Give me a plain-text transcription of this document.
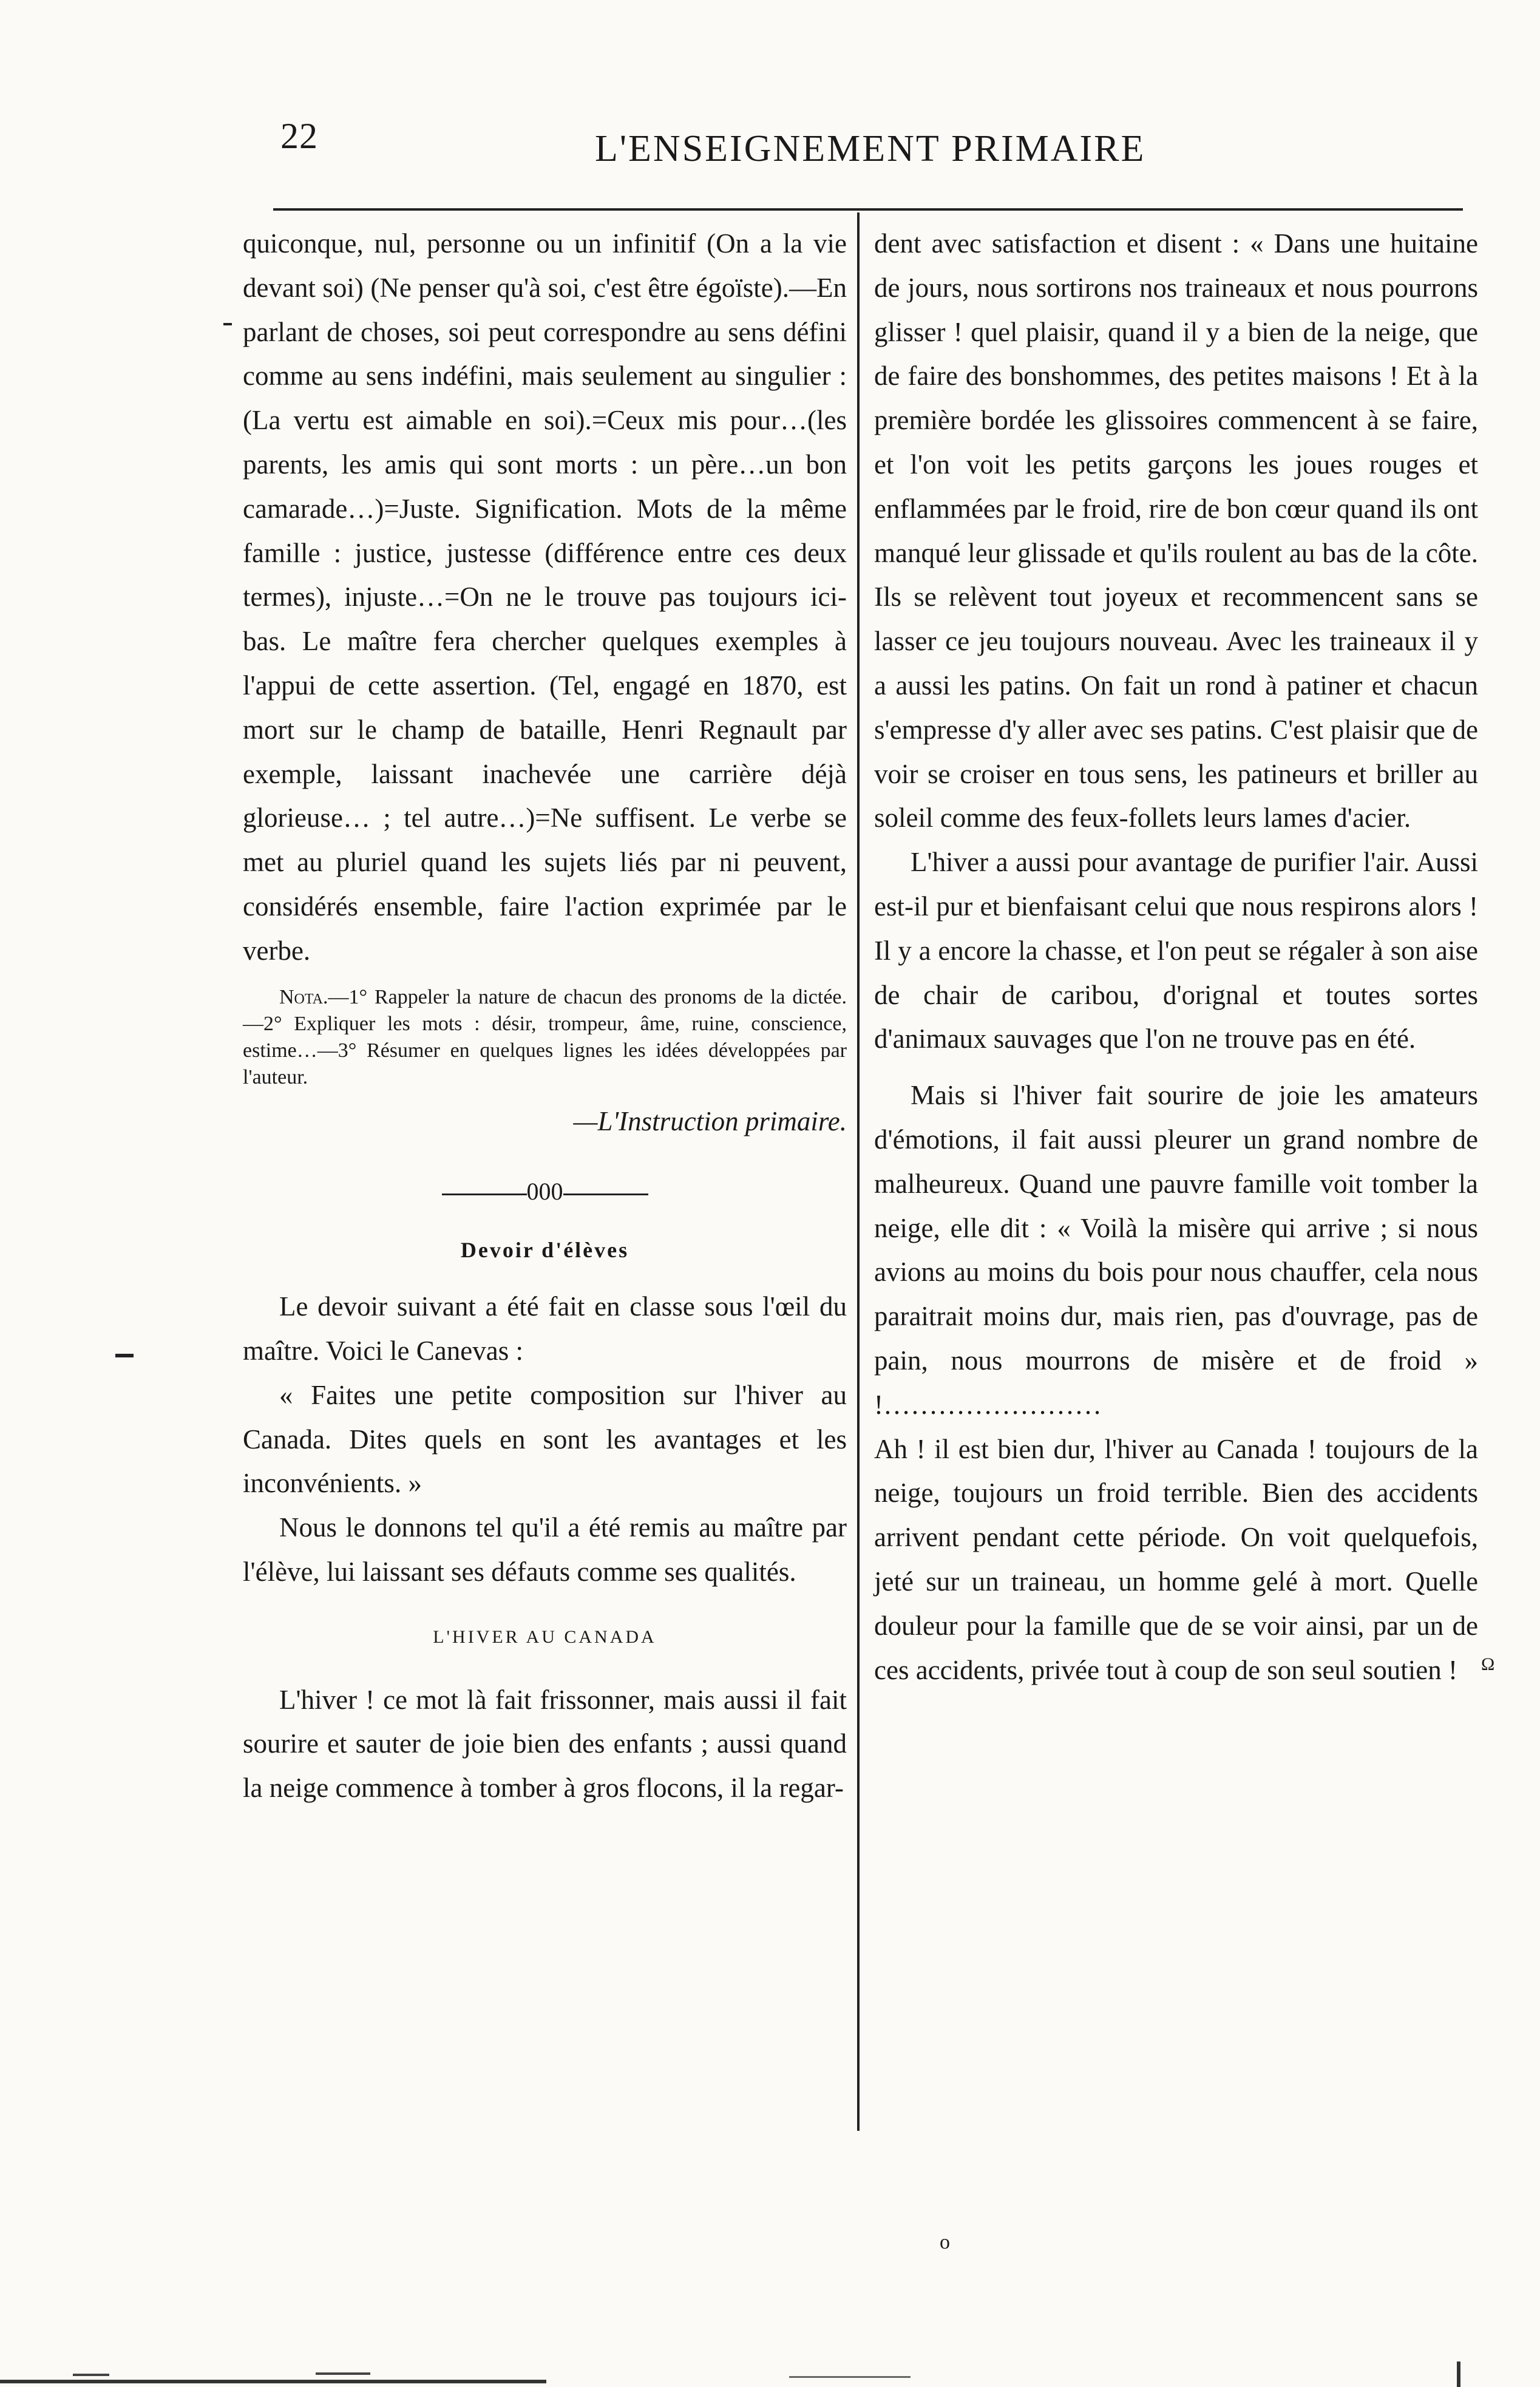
22	L'ENSEIGNEMENT PRIMAIRE

quiconque, nul, personne ou un infinitif (On a la vie devant soi) (Ne penser qu'à soi, c'est être égoïste).—En parlant de choses, soi peut correspondre au sens défini comme au sens indéfini, mais seulement au singulier : (La vertu est aimable en soi).=Ceux mis pour…(les parents, les amis qui sont morts : un père…un bon camarade…)=Juste. Signification. Mots de la même famille : justice, justesse (différence entre ces deux termes), injuste…=On ne le trouve pas toujours ici-bas. Le maître fera chercher quelques exemples à l'appui de cette assertion. (Tel, engagé en 1870, est mort sur le champ de bataille, Henri Regnault par exemple, laissant inachevée une carrière déjà glorieuse… ; tel autre…)=Ne suffisent. Le verbe se met au pluriel quand les sujets liés par ni peuvent, considérés ensemble, faire l'action exprimée par le verbe.

Nota.—1° Rappeler la nature de chacun des pronoms de la dictée.—2° Expliquer les mots : désir, trompeur, âme, ruine, conscience, estime…—3° Résumer en quelques lignes les idées développées par l'auteur.

—L'Instruction primaire.

000

Devoir d'élèves

Le devoir suivant a été fait en classe sous l'œil du maître. Voici le Canevas :

« Faites une petite composition sur l'hiver au Canada. Dites quels en sont les avantages et les inconvénients. »

Nous le donnons tel qu'il a été remis au maître par l'élève, lui laissant ses défauts comme ses qualités.

L'HIVER AU CANADA

L'hiver ! ce mot là fait frissonner, mais aussi il fait sourire et sauter de joie bien des enfants ; aussi quand la neige commence à tomber à gros flocons, il la regar-

dent avec satisfaction et disent : « Dans une huitaine de jours, nous sortirons nos traineaux et nous pourrons glisser ! quel plaisir, quand il y a bien de la neige, que de faire des bonshommes, des petites maisons ! Et à la première bordée les glissoires commencent à se faire, et l'on voit les petits garçons les joues rouges et enflammées par le froid, rire de bon cœur quand ils ont manqué leur glissade et qu'ils roulent au bas de la côte. Ils se relèvent tout joyeux et recommencent sans se lasser ce jeu toujours nouveau. Avec les traineaux il y a aussi les patins. On fait un rond à patiner et chacun s'empresse d'y aller avec ses patins. C'est plaisir que de voir se croiser en tous sens, les patineurs et briller au soleil comme des feux-follets leurs lames d'acier.

L'hiver a aussi pour avantage de purifier l'air. Aussi est-il pur et bienfaisant celui que nous respirons alors ! Il y a encore la chasse, et l'on peut se régaler à son aise de chair de caribou, d'orignal et toutes sortes d'animaux sauvages que l'on ne trouve pas en été.

Mais si l'hiver fait sourire de joie les amateurs d'émotions, il fait aussi pleurer un grand nombre de malheureux. Quand une pauvre famille voit tomber la neige, elle dit : « Voilà la misère qui arrive ; si nous avions au moins du bois pour nous chauffer, cela nous paraitrait moins dur, mais rien, pas d'ouvrage, pas de pain, nous mourrons de misère et de froid » !……………………

Ah ! il est bien dur, l'hiver au Canada ! toujours de la neige, toujours un froid terrible. Bien des accidents arrivent pendant cette période. On voit quelquefois, jeté sur un traineau, un homme gelé à mort. Quelle douleur pour la famille que de se voir ainsi, par un de ces accidents, privée tout à coup de son seul soutien !

o
Ω
